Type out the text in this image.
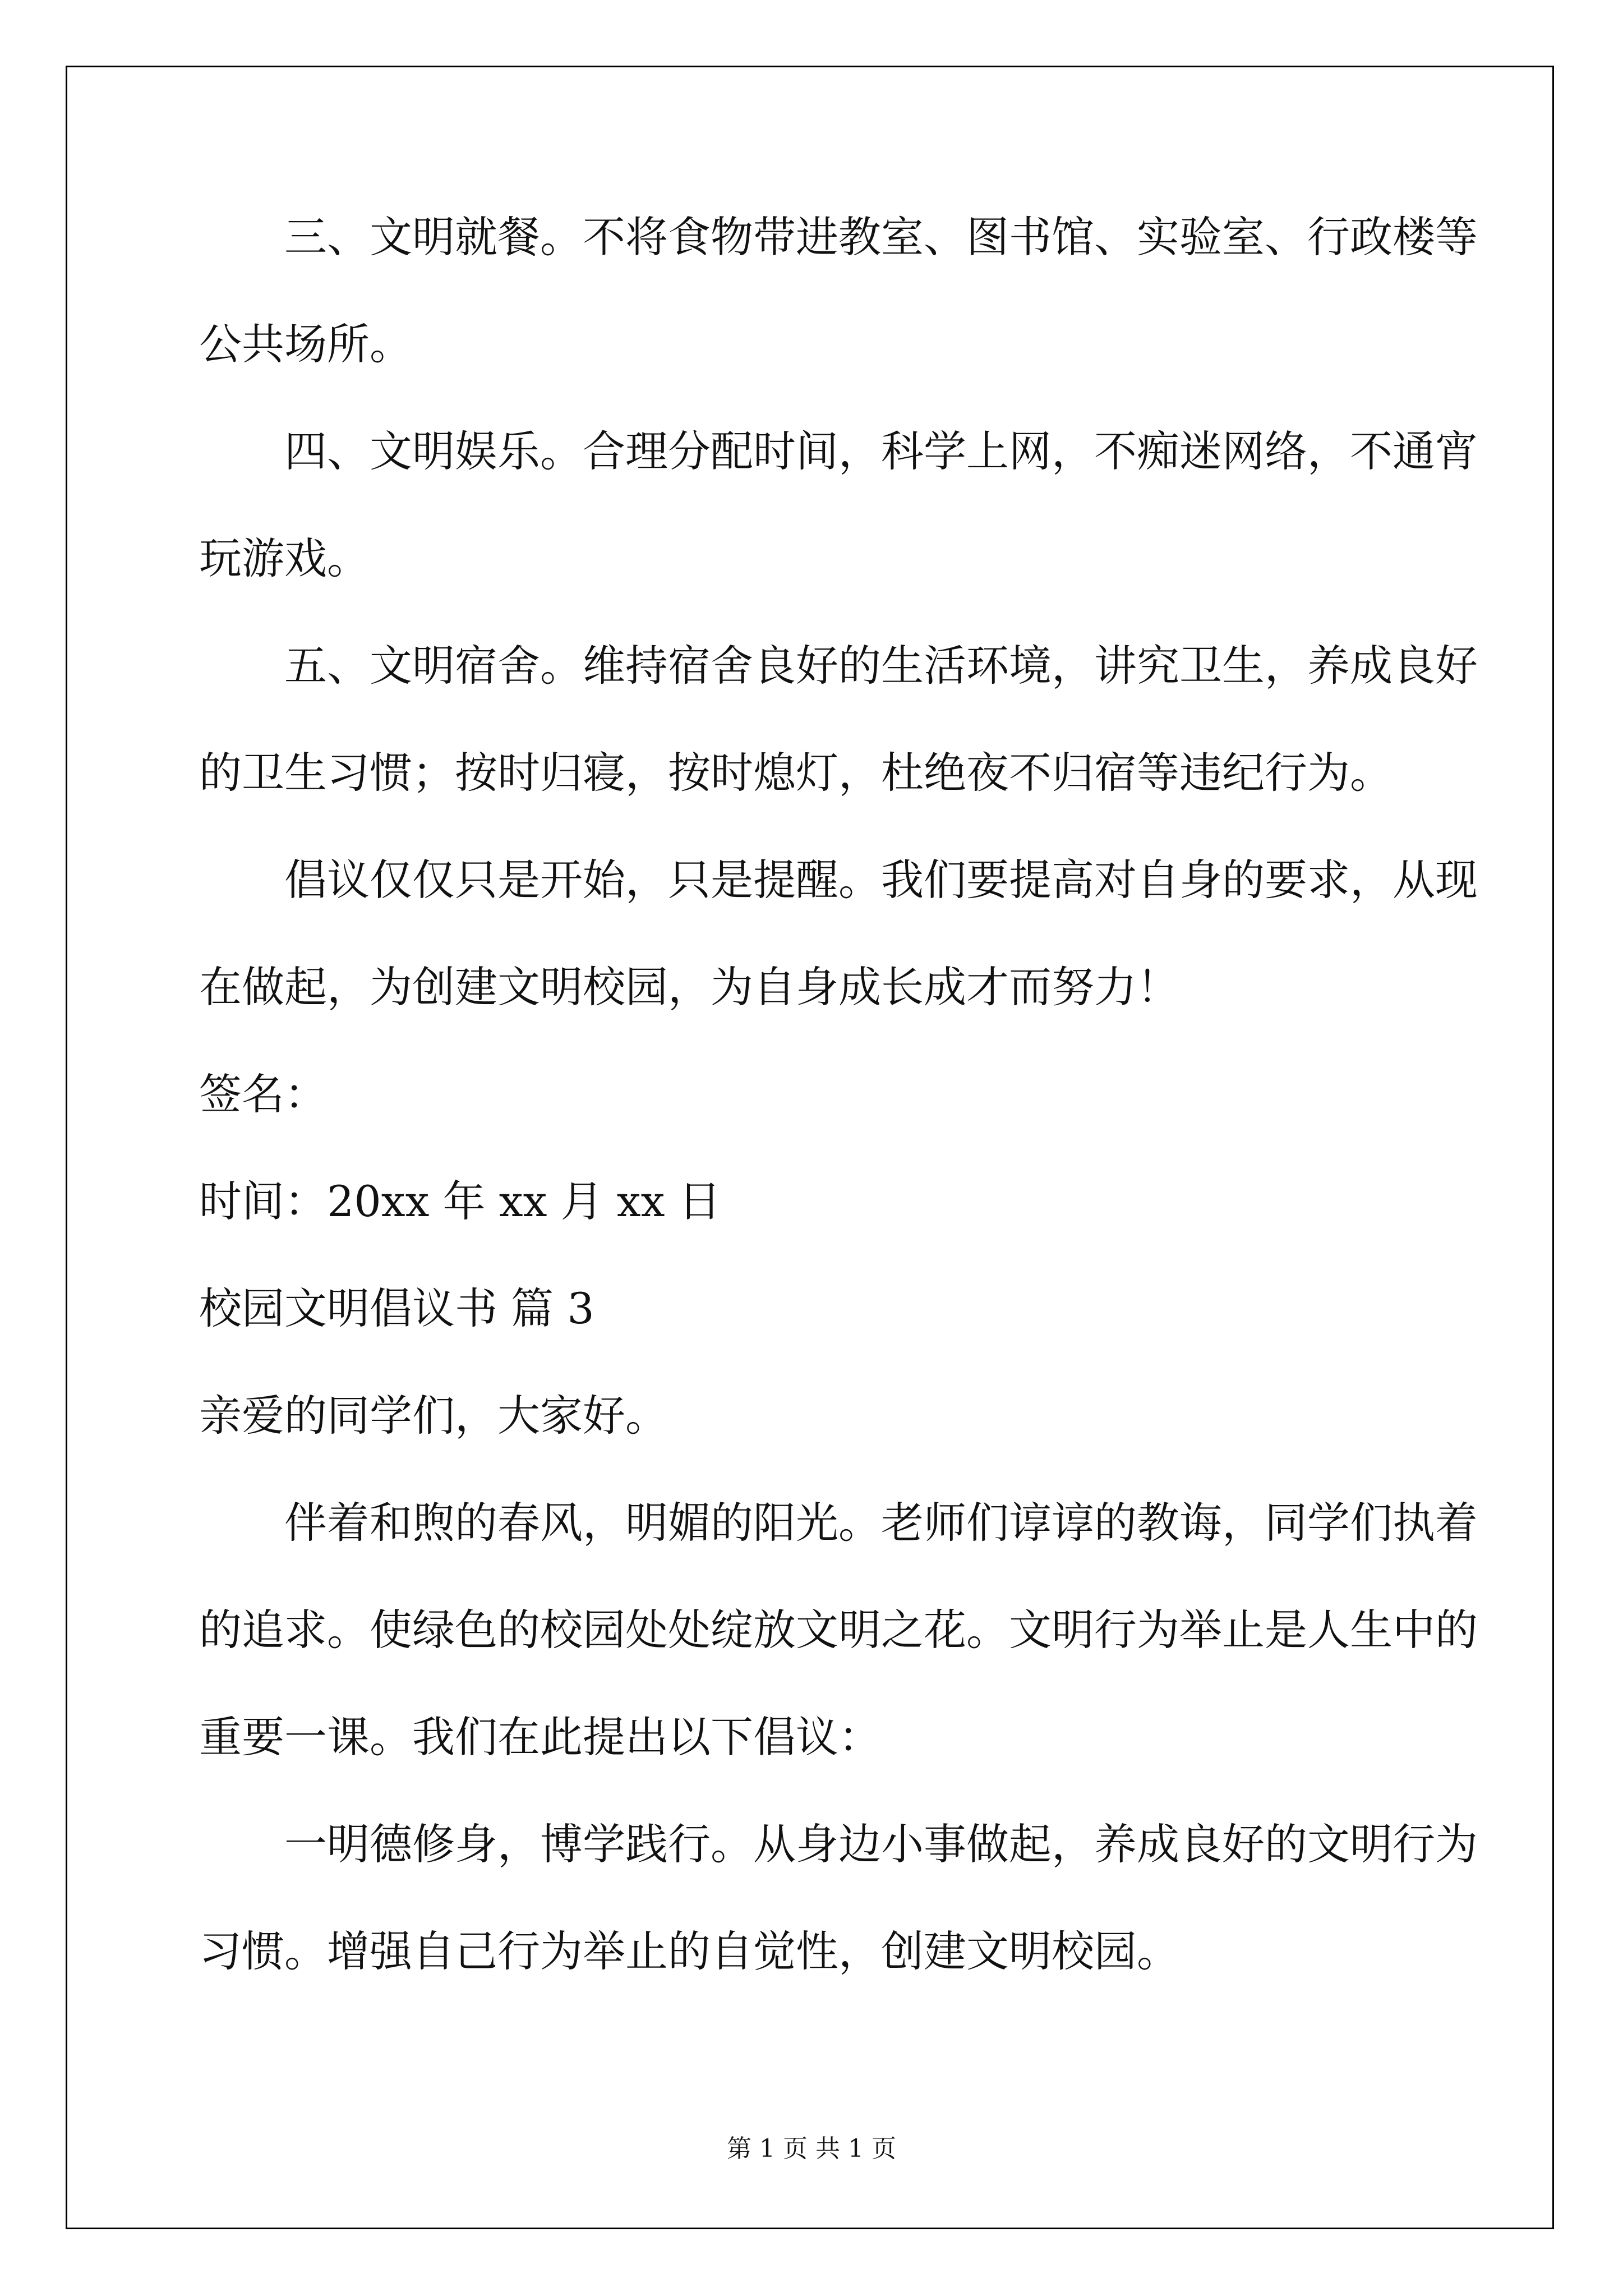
三、文明就餐。不将食物带进教室、图书馆、实验室、行政楼等
公共场所。
四、文明娱乐。合理分配时间，科学上网，不痴迷网络，不通宵
玩游戏。
五、文明宿舍。维持宿舍良好的生活环境，讲究卫生，养成良好
的卫生习惯；按时归寝，按时熄灯，杜绝夜不归宿等违纪行为。
倡议仅仅只是开始，只是提醒。我们要提高对自身的要求，从现
在做起，为创建文明校园，为自身成长成才而努力！
签名：
时间：20xx 年 xx 月 xx 日
校园文明倡议书 篇 3
亲爱的同学们，大家好。
伴着和煦的春风，明媚的阳光。老师们谆谆的教诲，同学们执着
的追求。使绿色的校园处处绽放文明之花。文明行为举止是人生中的
重要一课。我们在此提出以下倡议：
一明德修身，博学践行。从身边小事做起，养成良好的文明行为
习惯。增强自己行为举止的自觉性，创建文明校园。
第 1 页 共 1 页
